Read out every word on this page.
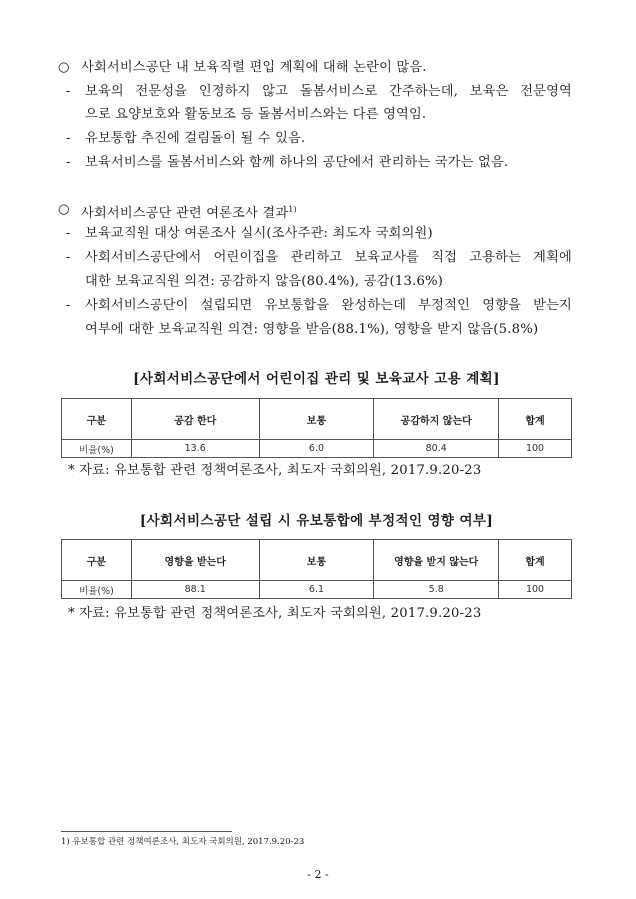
○ 사회서비스공단 내 보육직렬 편입 계획에 대해 논란이 많음.
- 보육의 전문성을 인정하지 않고 돌봄서비스로 간주하는데, 보육은 전문영역
으로 요양보호와 활동보조 등 돌봄서비스와는 다른 영역임.
- 유보통합 추진에 걸림돌이 될 수 있음.
- 보육서비스를 돌봄서비스와 함께 하나의 공단에서 관리하는 국가는 없음.
○ 사회서비스공단 관련 여론조사 결과$^{1)}$
- 보육교직원 대상 여론조사 실시(조사주관: 최도자 국회의원)
- 사회서비스공단에서 어린이집을 관리하고 보육교사를 직접 고용하는 계획에
대한 보육교직원 의견: 공감하지 않음(80.4%), 공감(13.6%)
- 사회서비스공단이 설립되면 유보통합을 완성하는데 부정적인 영향을 받는지
여부에 대한 보육교직원 의견: 영향을 받음(88.1%), 영향을 받지 않음(5.8%)
[사회서비스공단에서 어린이집 관리 및 보육교사 고용 계획]
구분	공감 한다	보통	공감하지 않는다	합계
비율(%)	13.6	6.0	80.4	100
* 자료: 유보통합 관련 정책여론조사, 최도자 국회의원, 2017.9.20-23
[사회서비스공단 설립 시 유보통합에 부정적인 영향 여부]
구분	영향을 받는다	보통	영향을 받지 않는다	합계
비율(%)	88.1	6.1	5.8	100
* 자료: 유보통합 관련 정책여론조사, 최도자 국회의원, 2017.9.20-23
1) 유보통합 관련 정책여론조사, 최도자 국회의원, 2017.9.20-23
- 2 -
